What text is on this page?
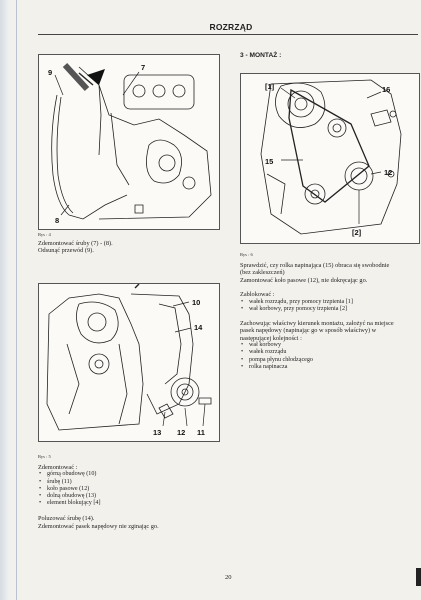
ROZRZĄD
9
7
8
Rys : 4
Zdemontować śruby (7) - (8).
Odsunąć przewód (9).
10
14
13 12 11
Rys : 5
Zdemontować :
• górną obudowę (10)
• śrubę (11)
• koło pasowe (12)
• dolną obudowę (13)
• element blokujący [4]
Poluzować śrubę (14).
Zdemontować pasek napędowy nie zginając go.
3 - MONTAŻ :
[1]	16
15
12
[2]
Rys : 6
Sprawdzić, czy rolka napinająca (15) obraca się swobodnie
(bez zakleszczeń)
Zamontować koło pasowe (12), nie dokręcając go.
Zablokować :
• wałek rozrządu, przy pomocy trzpienia [1]
• wał korbowy, przy pomocy trzpienia [2]
Zachowując właściwy kierunek montażu, założyć na miejsce
pasek napędowy (napinając go w sposób właściwy) w
następującej kolejności :
• wał korbowy
• wałek rozrządu
• pompa płynu chłodzącego
• rolka napinacza
20
